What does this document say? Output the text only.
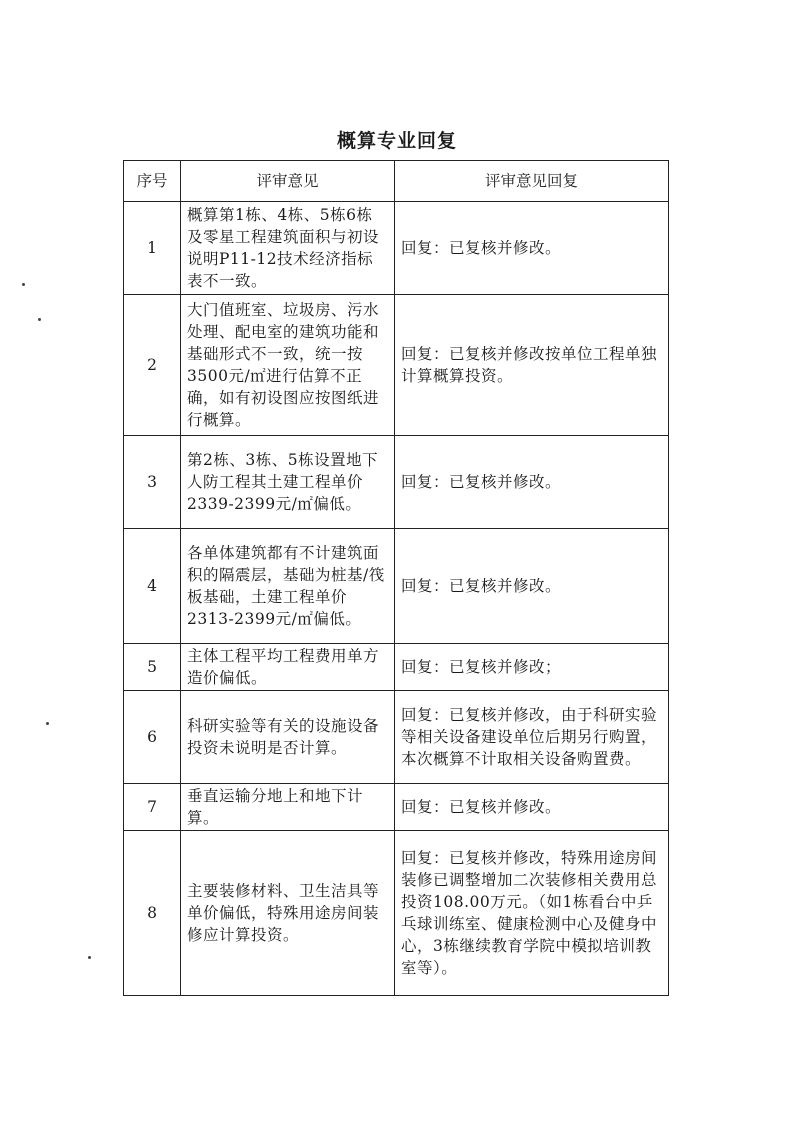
概算专业回复
序号	评审意见	评审意见回复
1	概算第1栋、4栋、5栋6栋及零星工程建筑面积与初设说明P11-12技术经济指标表不一致。	回复：已复核并修改。
2	大门值班室、垃圾房、污水处理、配电室的建筑功能和基础形式不一致，统一按3500元/㎡进行估算不正确，如有初设图应按图纸进行概算。	回复：已复核并修改按单位工程单独计算概算投资。
3	第2栋、3栋、5栋设置地下人防工程其土建工程单价2339-2399元/㎡偏低。	回复：已复核并修改。
4	各单体建筑都有不计建筑面积的隔震层，基础为桩基/筏板基础，土建工程单价2313-2399元/㎡偏低。	回复：已复核并修改。
5	主体工程平均工程费用单方造价偏低。	回复：已复核并修改；
6	科研实验等有关的设施设备投资未说明是否计算。	回复：已复核并修改，由于科研实验等相关设备建设单位后期另行购置，本次概算不计取相关设备购置费。
7	垂直运输分地上和地下计算。	回复：已复核并修改。
8	主要装修材料、卫生洁具等单价偏低，特殊用途房间装修应计算投资。	回复：已复核并修改，特殊用途房间装修已调整增加二次装修相关费用总投资108.00万元。（如1栋看台中乒乓球训练室、健康检测中心及健身中心，3栋继续教育学院中模拟培训教室等）。
